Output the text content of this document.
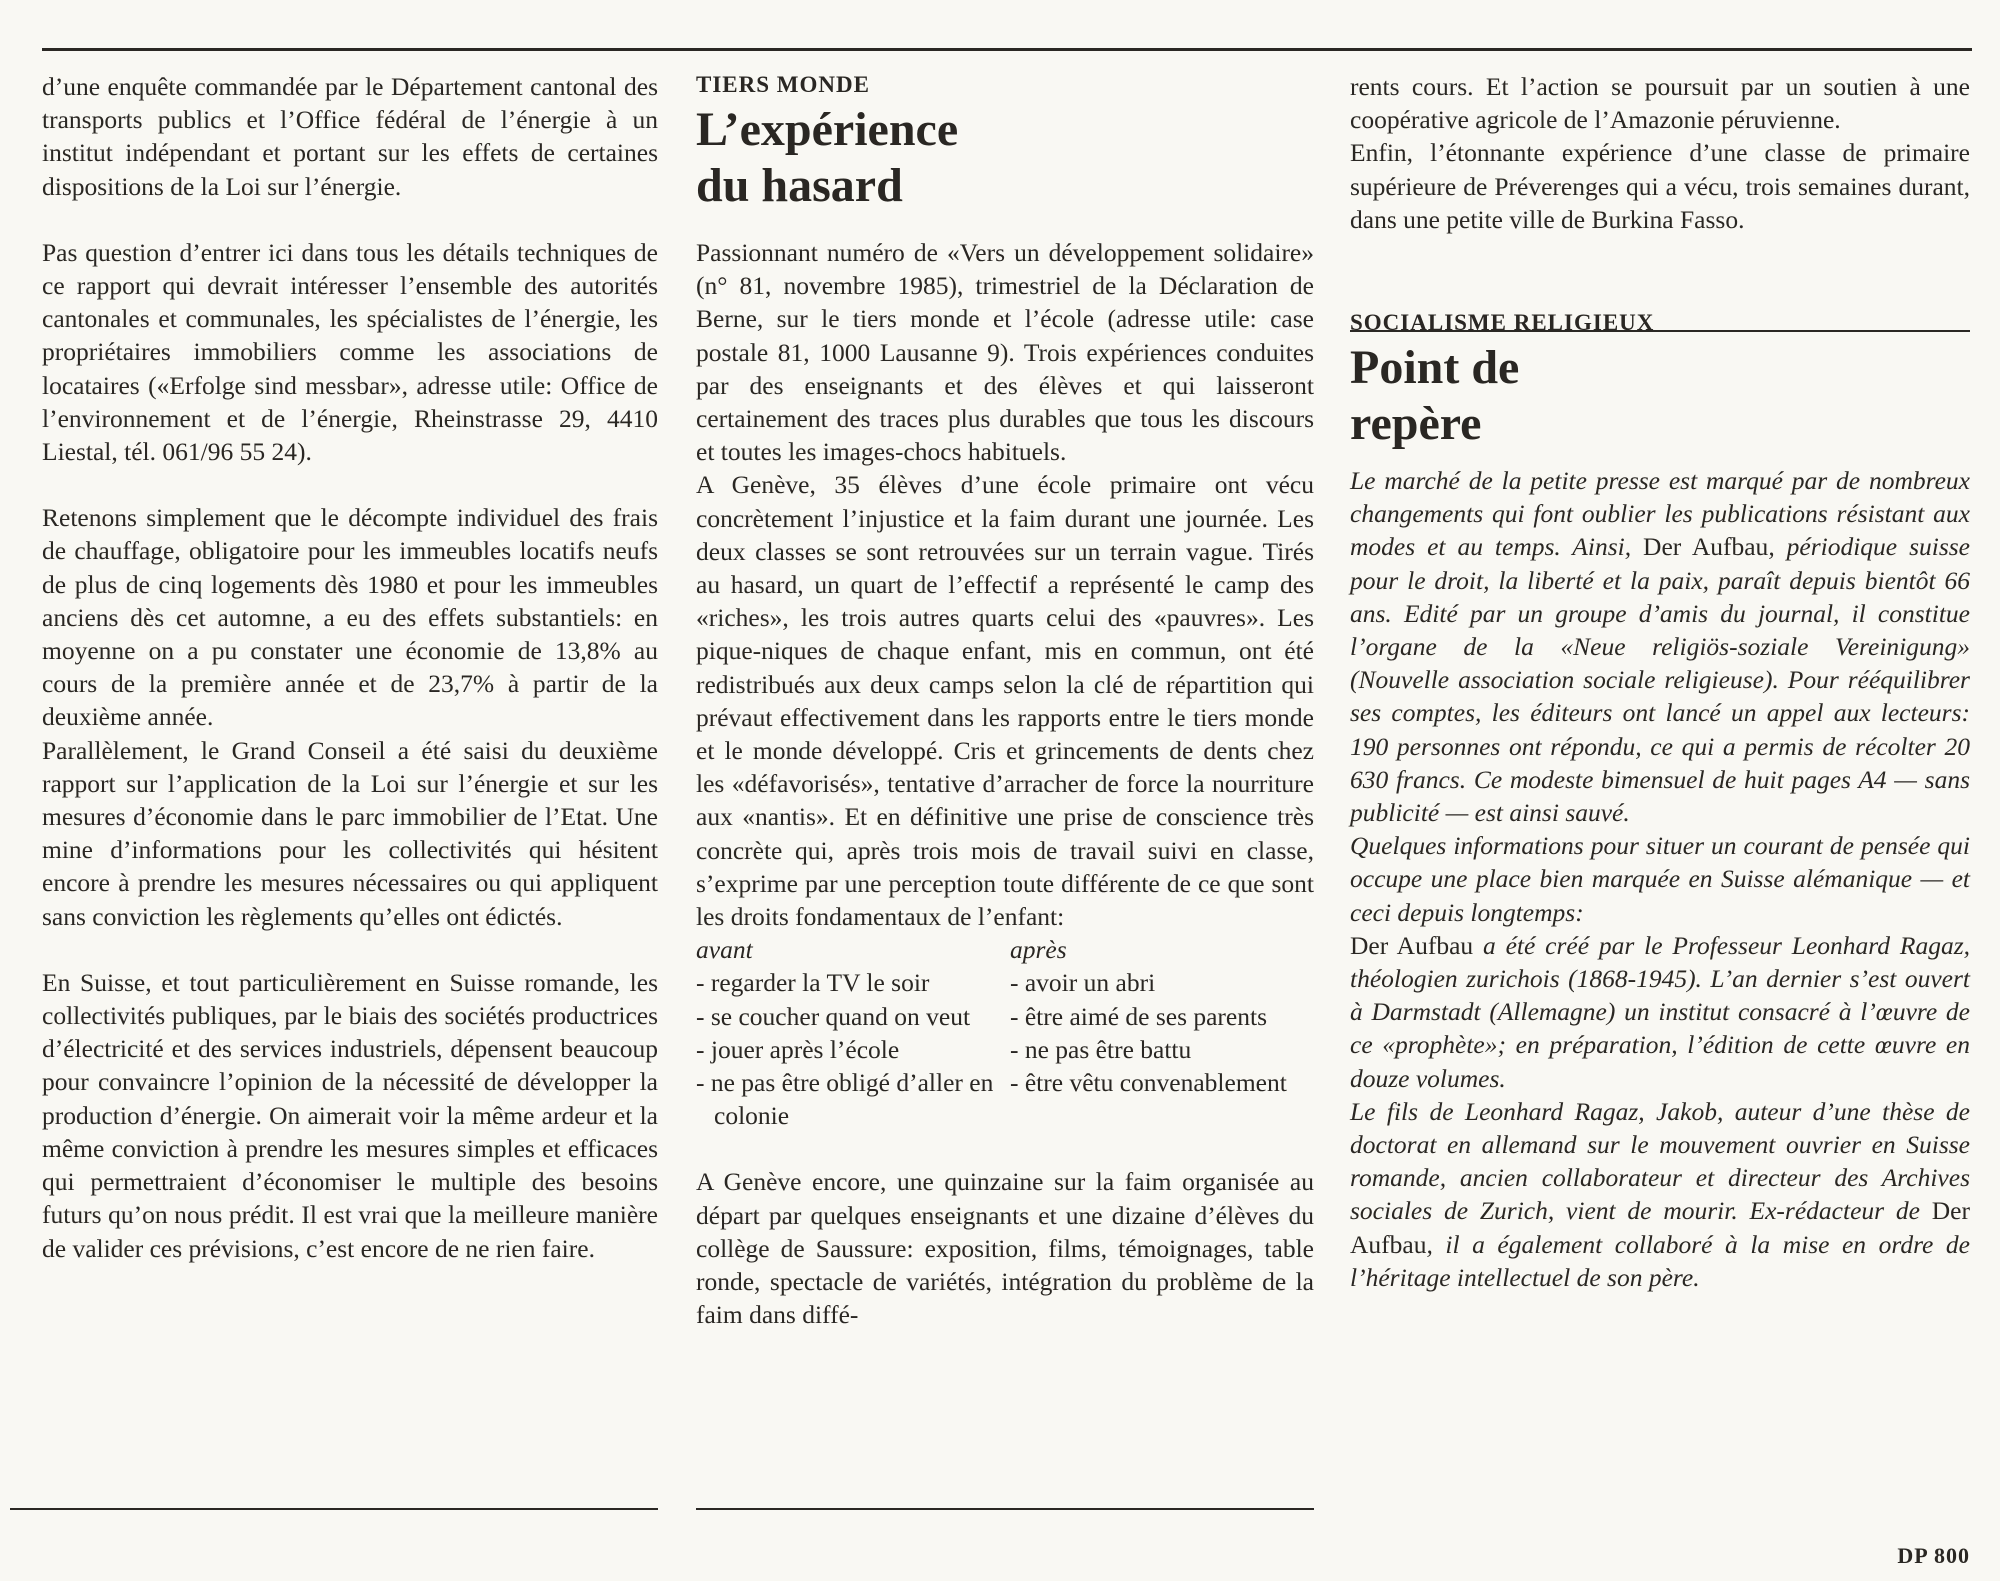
d’une enquête commandée par le Département cantonal des transports publics et l’Office fédéral de l’énergie à un institut indépendant et portant sur les effets de certaines dispositions de la Loi sur l’énergie.

Pas question d’entrer ici dans tous les détails techniques de ce rapport qui devrait intéresser l’ensemble des autorités cantonales et communales, les spécialistes de l’énergie, les propriétaires immobiliers comme les associations de locataires («Erfolge sind messbar», adresse utile: Office de l’environnement et de l’énergie, Rheinstrasse 29, 4410 Liestal, tél. 061/96 55 24).

Retenons simplement que le décompte individuel des frais de chauffage, obligatoire pour les immeubles locatifs neufs de plus de cinq logements dès 1980 et pour les immeubles anciens dès cet automne, a eu des effets substantiels: en moyenne on a pu constater une économie de 13,8% au cours de la première année et de 23,7% à partir de la deuxième année.

Parallèlement, le Grand Conseil a été saisi du deuxième rapport sur l’application de la Loi sur l’énergie et sur les mesures d’économie dans le parc immobilier de l’Etat. Une mine d’informations pour les collectivités qui hésitent encore à prendre les mesures nécessaires ou qui appliquent sans conviction les règlements qu’elles ont édictés.

En Suisse, et tout particulièrement en Suisse romande, les collectivités publiques, par le biais des sociétés productrices d’électricité et des services industriels, dépensent beaucoup pour convaincre l’opinion de la nécessité de développer la production d’énergie. On aimerait voir la même ardeur et la même conviction à prendre les mesures simples et efficaces qui permettraient d’économiser le multiple des besoins futurs qu’on nous prédit. Il est vrai que la meilleure manière de valider ces prévisions, c’est encore de ne rien faire.

TIERS MONDE
L’expérience
du hasard

Passionnant numéro de «Vers un développement solidaire» (n° 81, novembre 1985), trimestriel de la Déclaration de Berne, sur le tiers monde et l’école (adresse utile: case postale 81, 1000 Lausanne 9). Trois expériences conduites par des enseignants et des élèves et qui laisseront certainement des traces plus durables que tous les discours et toutes les images-chocs habituels.

A Genève, 35 élèves d’une école primaire ont vécu concrètement l’injustice et la faim durant une journée. Les deux classes se sont retrouvées sur un terrain vague. Tirés au hasard, un quart de l’effectif a représenté le camp des «riches», les trois autres quarts celui des «pauvres». Les pique-niques de chaque enfant, mis en commun, ont été redistribués aux deux camps selon la clé de répartition qui prévaut effectivement dans les rapports entre le tiers monde et le monde développé. Cris et grincements de dents chez les «défavorisés», tentative d’arracher de force la nourriture aux «nantis». Et en définitive une prise de conscience très concrète qui, après trois mois de travail suivi en classe, s’exprime par une perception toute différente de ce que sont les droits fondamentaux de l’enfant:

avant
- regarder la TV le soir
- se coucher quand on veut
- jouer après l’école
- ne pas être obligé d’aller en colonie
après
- avoir un abri
- être aimé de ses parents
- ne pas être battu
- être vêtu convenablement

A Genève encore, une quinzaine sur la faim organisée au départ par quelques enseignants et une dizaine d’élèves du collège de Saussure: exposition, films, témoignages, table ronde, spectacle de variétés, intégration du problème de la faim dans diffé-

rents cours. Et l’action se poursuit par un soutien à une coopérative agricole de l’Amazonie péruvienne.

Enfin, l’étonnante expérience d’une classe de primaire supérieure de Préverenges qui a vécu, trois semaines durant, dans une petite ville de Burkina Fasso.

SOCIALISME RELIGIEUX
Point de
repère

Le marché de la petite presse est marqué par de nombreux changements qui font oublier les publications résistant aux modes et au temps. Ainsi, Der Aufbau, périodique suisse pour le droit, la liberté et la paix, paraît depuis bientôt 66 ans. Edité par un groupe d’amis du journal, il constitue l’organe de la «Neue religiös-soziale Vereinigung» (Nouvelle association sociale religieuse). Pour rééquilibrer ses comptes, les éditeurs ont lancé un appel aux lecteurs: 190 personnes ont répondu, ce qui a permis de récolter 20 630 francs. Ce modeste bimensuel de huit pages A4 — sans publicité — est ainsi sauvé.

Quelques informations pour situer un courant de pensée qui occupe une place bien marquée en Suisse alémanique — et ceci depuis longtemps:

Der Aufbau a été créé par le Professeur Leonhard Ragaz, théologien zurichois (1868-1945). L’an dernier s’est ouvert à Darmstadt (Allemagne) un institut consacré à l’œuvre de ce «prophète»; en préparation, l’édition de cette œuvre en douze volumes.

Le fils de Leonhard Ragaz, Jakob, auteur d’une thèse de doctorat en allemand sur le mouvement ouvrier en Suisse romande, ancien collaborateur et directeur des Archives sociales de Zurich, vient de mourir. Ex-rédacteur de Der Aufbau, il a également collaboré à la mise en ordre de l’héritage intellectuel de son père.

DP 800
